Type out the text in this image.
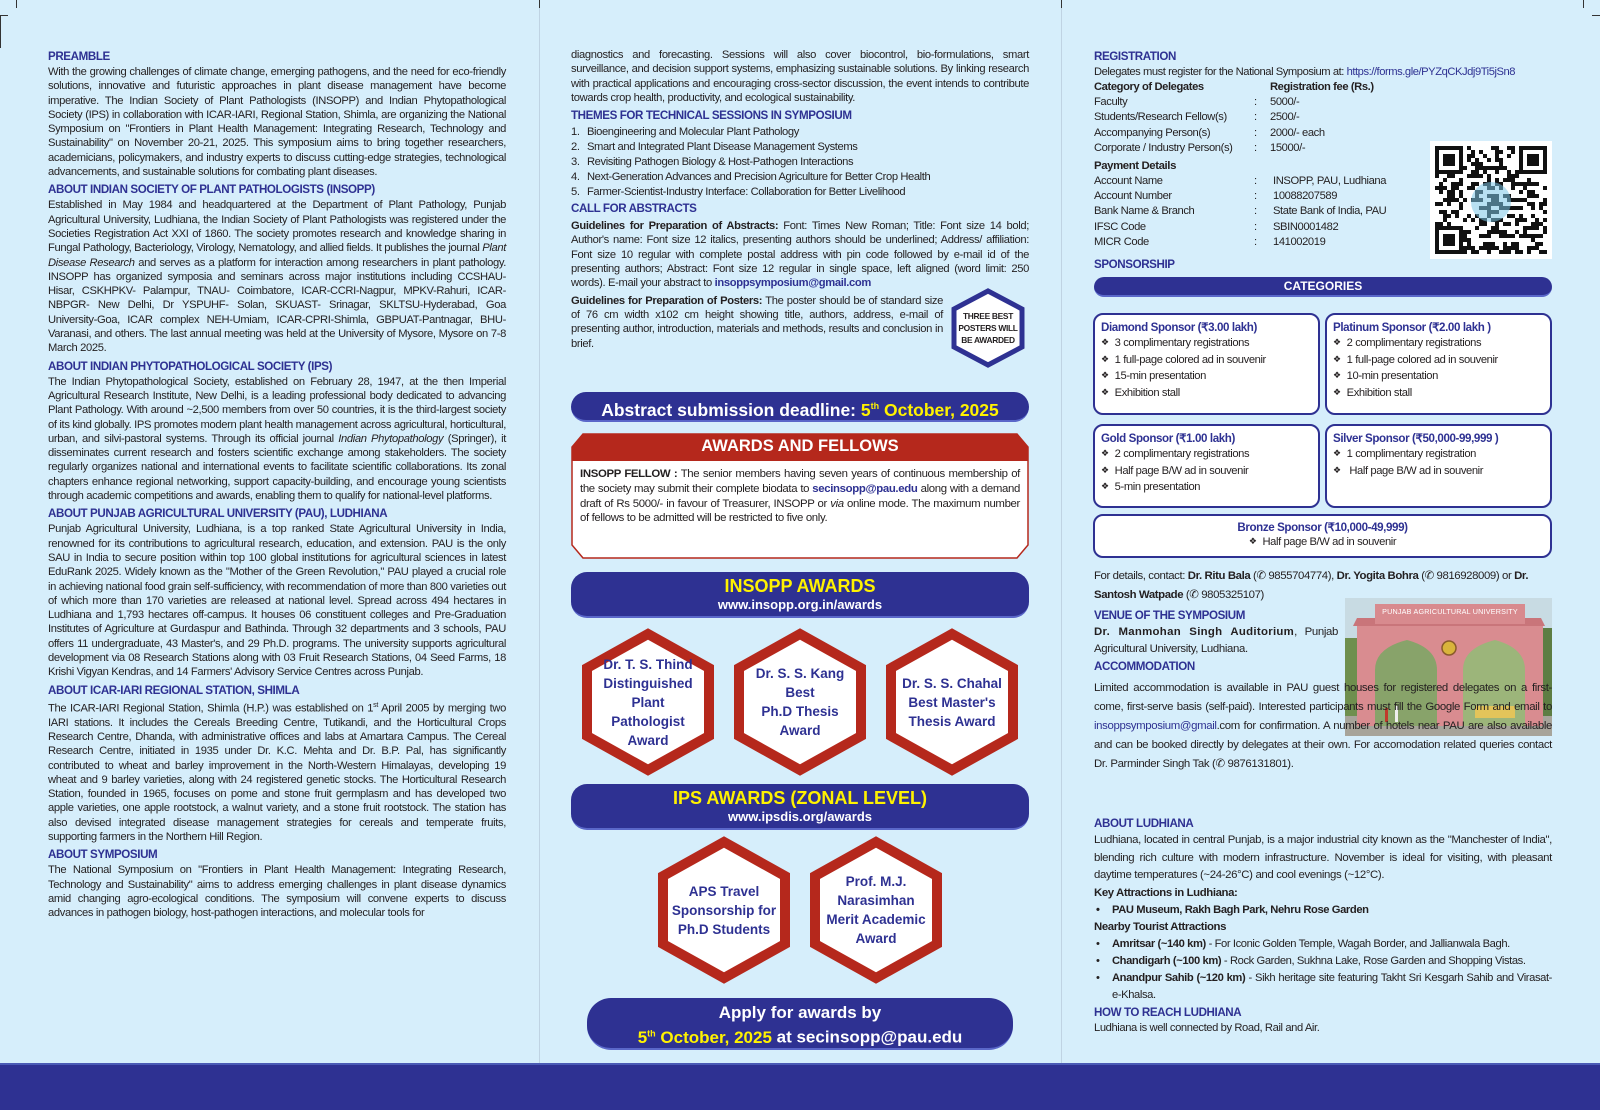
PREAMBLE

With the growing challenges of climate change, emerging pathogens, and the need for eco-friendly solutions, innovative and futuristic approaches in plant disease management have become imperative. The Indian Society of Plant Pathologists (INSOPP) and Indian Phytopathological Society (IPS) in collaboration with ICAR-IARI, Regional Station, Shimla, are organizing the National Symposium on "Frontiers in Plant Health Management: Integrating Research, Technology and Sustainability" on November 20-21, 2025. This symposium aims to bring together researchers, academicians, policymakers, and industry experts to discuss cutting-edge strategies, technological advancements, and sustainable solutions for combating plant diseases.

ABOUT INDIAN SOCIETY OF PLANT PATHOLOGISTS (INSOPP)

Established in May 1984 and headquartered at the Department of Plant Pathology, Punjab Agricultural University, Ludhiana, the Indian Society of Plant Pathologists was registered under the Societies Registration Act XXI of 1860. The society promotes research and knowledge sharing in Fungal Pathology, Bacteriology, Virology, Nematology, and allied fields. It publishes the journal Plant Disease Research and serves as a platform for interaction among researchers in plant pathology. INSOPP has organized symposia and seminars across major institutions including CCSHAU- Hisar, CSKHPKV- Palampur, TNAU- Coimbatore, ICAR-CCRI-Nagpur, MPKV-Rahuri, ICAR-NBPGR- New Delhi, Dr YSPUHF- Solan, SKUAST- Srinagar, SKLTSU-Hyderabad, Goa University-Goa, ICAR complex NEH-Umiam, ICAR-CPRI-Shimla, GBPUAT-Pantnagar, BHU- Varanasi, and others. The last annual meeting was held at the University of Mysore, Mysore on 7-8 March 2025.

ABOUT INDIAN PHYTOPATHOLOGICAL SOCIETY (IPS)

The Indian Phytopathological Society, established on February 28, 1947, at the then Imperial Agricultural Research Institute, New Delhi, is a leading professional body dedicated to advancing Plant Pathology. With around ~2,500 members from over 50 countries, it is the third-largest society of its kind globally. IPS promotes modern plant health management across agricultural, horticultural, urban, and silvi-pastoral systems. Through its official journal Indian Phytopathology (Springer), it disseminates current research and fosters scientific exchange among stakeholders. The society regularly organizes national and international events to facilitate scientific collaborations. Its zonal chapters enhance regional networking, support capacity-building, and encourage young scientists through academic competitions and awards, enabling them to qualify for national-level platforms.

ABOUT PUNJAB AGRICULTURAL UNIVERSITY (PAU), LUDHIANA

Punjab Agricultural University, Ludhiana, is a top ranked State Agricultural University in India, renowned for its contributions to agricultural research, education, and extension. PAU is the only SAU in India to secure position within top 100 global institutions for agricultural sciences in latest EduRank 2025. Widely known as the "Mother of the Green Revolution," PAU played a crucial role in achieving national food grain self-sufficiency, with recommendation of more than 800 varieties out of which more than 170 varieties are released at national level. Spread across 494 hectares in Ludhiana and 1,793 hectares off-campus. It houses 06 constituent colleges and Pre-Graduation Institutes of Agriculture at Gurdaspur and Bathinda. Through 32 departments and 3 schools, PAU offers 11 undergraduate, 43 Master's, and 29 Ph.D. programs. The university supports agricultural development via 08 Research Stations along with 03 Fruit Research Stations, 04 Seed Farms, 18 Krishi Vigyan Kendras, and 14 Farmers' Advisory Service Centres across Punjab.

ABOUT ICAR-IARI REGIONAL STATION, SHIMLA

The ICAR-IARI Regional Station, Shimla (H.P.) was established on 1st April 2005 by merging two IARI stations. It includes the Cereals Breeding Centre, Tutikandi, and the Horticultural Crops Research Centre, Dhanda, with administrative offices and labs at Amartara Campus. The Cereal Research Centre, initiated in 1935 under Dr. K.C. Mehta and Dr. B.P. Pal, has significantly contributed to wheat and barley improvement in the North-Western Himalayas, developing 19 wheat and 9 barley varieties, along with 24 registered genetic stocks. The Horticultural Research Station, founded in 1965, focuses on pome and stone fruit germplasm and has developed two apple varieties, one apple rootstock, a walnut variety, and a stone fruit rootstock. The station has also devised integrated disease management strategies for cereals and temperate fruits, supporting farmers in the Northern Hill Region.

ABOUT SYMPOSIUM

The National Symposium on "Frontiers in Plant Health Management: Integrating Research, Technology and Sustainability" aims to address emerging challenges in plant disease dynamics amid changing agro-ecological conditions. The symposium will convene experts to discuss advances in pathogen biology, host-pathogen interactions, and molecular tools for

diagnostics and forecasting. Sessions will also cover biocontrol, bio-formulations, smart surveillance, and decision support systems, emphasizing sustainable solutions. By linking research with practical applications and encouraging cross-sector discussion, the event intends to contribute towards crop health, productivity, and ecological sustainability.

THEMES FOR TECHNICAL SESSIONS IN SYMPOSIUM
1. Bioengineering and Molecular Plant Pathology
2. Smart and Integrated Plant Disease Management Systems
3. Revisiting Pathogen Biology & Host-Pathogen Interactions
4. Next-Generation Advances and Precision Agriculture for Better Crop Health
5. Farmer-Scientist-Industry Interface: Collaboration for Better Livelihood
CALL FOR ABSTRACTS

Guidelines for Preparation of Abstracts: Font: Times New Roman; Title: Font size 14 bold; Author's name: Font size 12 italics, presenting authors should be underlined; Address/ affiliation: Font size 10 regular with complete postal address with pin code followed by e-mail id of the presenting authors; Abstract: Font size 12 regular in single space, left aligned (word limit: 250 words). E-mail your abstract to insoppsymposium@gmail.com

Guidelines for Preparation of Posters: The poster should be of standard size of 76 cm width x102 cm height showing title, authors, address, e-mail of presenting author, introduction, materials and methods, results and conclusion in brief.

THREE BEST
POSTERS WILL
BE AWARDED
Abstract submission deadline: 5th October, 2025
AWARDS AND FELLOWS

INSOPP FELLOW : The senior members having seven years of continuous membership of the society may submit their complete biodata to secinsopp@pau.edu along with a demand draft of Rs 5000/- in favour of Treasurer, INSOPP or via online mode. The maximum number of fellows to be admitted will be restricted to five only.

INSOPP AWARDS
www.insopp.org.in/awards
Dr. T. S. Thind
Distinguished
Plant Pathologist
Award
Dr. S. S. Kang
Best
Ph.D Thesis
Award
Dr. S. S. Chahal
Best Master's
Thesis Award
IPS AWARDS (ZONAL LEVEL)
www.ipsdis.org/awards
APS Travel
Sponsorship for
Ph.D Students
Prof. M.J.
Narasimhan
Merit Academic
Award
Apply for awards by
5th October, 2025 at secinsopp@pau.edu
REGISTRATION
Delegates must register for the National Symposium at: https://forms.gle/PYZqCKJdj9Ti5jSn8
Category of Delegates	Registration fee (Rs.)
Faculty	:	5000/-
Students/Research Fellow(s)	:	2500/-
Accompanying Person(s)	:	2000/- each
Corporate / Industry Person(s)	:	15000/-
Payment Details
Account Name	:	INSOPP, PAU, Ludhiana
Account Number	:	10088207589
Bank Name & Branch	:	State Bank of India, PAU
IFSC Code	:	SBIN0001482
MICR Code	:	141002019
SPONSORSHIP
CATEGORIES
Diamond Sponsor (₹3.00 lakh)
❖ 3 complimentary registrations
❖ 1 full-page colored ad in souvenir
❖ 15-min presentation
❖ Exhibition stall
Platinum Sponsor (₹2.00 lakh )
❖ 2 complimentary registrations
❖ 1 full-page colored ad in souvenir
❖ 10-min presentation
❖ Exhibition stall
Gold Sponsor (₹1.00 lakh)
❖ 2 complimentary registrations
❖ Half page B/W ad in souvenir
❖ 5-min presentation
Silver Sponsor (₹50,000-99,999 )
❖ 1 complimentary registration
❖ Half page B/W ad in souvenir
Bronze Sponsor (₹10,000-49,999)
❖ Half page B/W ad in souvenir
For details, contact: Dr. Ritu Bala (✆ 9855704774), Dr. Yogita Bohra (✆ 9816928009) or Dr. Santosh Watpade (✆ 9805325107)
PUNJAB AGRICULTURAL UNIVERSITY
VENUE OF THE SYMPOSIUM

Dr. Manmohan Singh Auditorium, Punjab Agricultural University, Ludhiana.

ACCOMMODATION

Limited accommodation is available in PAU guest houses for registered delegates on a first-come, first-serve basis (self-paid). Interested participants must fill the Google Form and email to insoppsymposium@gmail.com for confirmation. A number of hotels near PAU are also available and can be booked directly by delegates at their own. For accomodation related queries contact Dr. Parminder Singh Tak (✆ 9876131801).

ABOUT LUDHIANA

Ludhiana, located in central Punjab, is a major industrial city known as the "Manchester of India", blending rich culture with modern infrastructure. November is ideal for visiting, with pleasant daytime temperatures (~24-26°C) and cool evenings (~12°C).

Key Attractions in Ludhiana:
• PAU Museum, Rakh Bagh Park, Nehru Rose Garden
Nearby Tourist Attractions
• Amritsar (~140 km) - For Iconic Golden Temple, Wagah Border, and Jallianwala Bagh.
• Chandigarh (~100 km) - Rock Garden, Sukhna Lake, Rose Garden and Shopping Vistas.
• Anandpur Sahib (~120 km) - Sikh heritage site featuring Takht Sri Kesgarh Sahib and Virasat-e-Khalsa.
HOW TO REACH LUDHIANA
Ludhiana is well connected by Road, Rail and Air.
